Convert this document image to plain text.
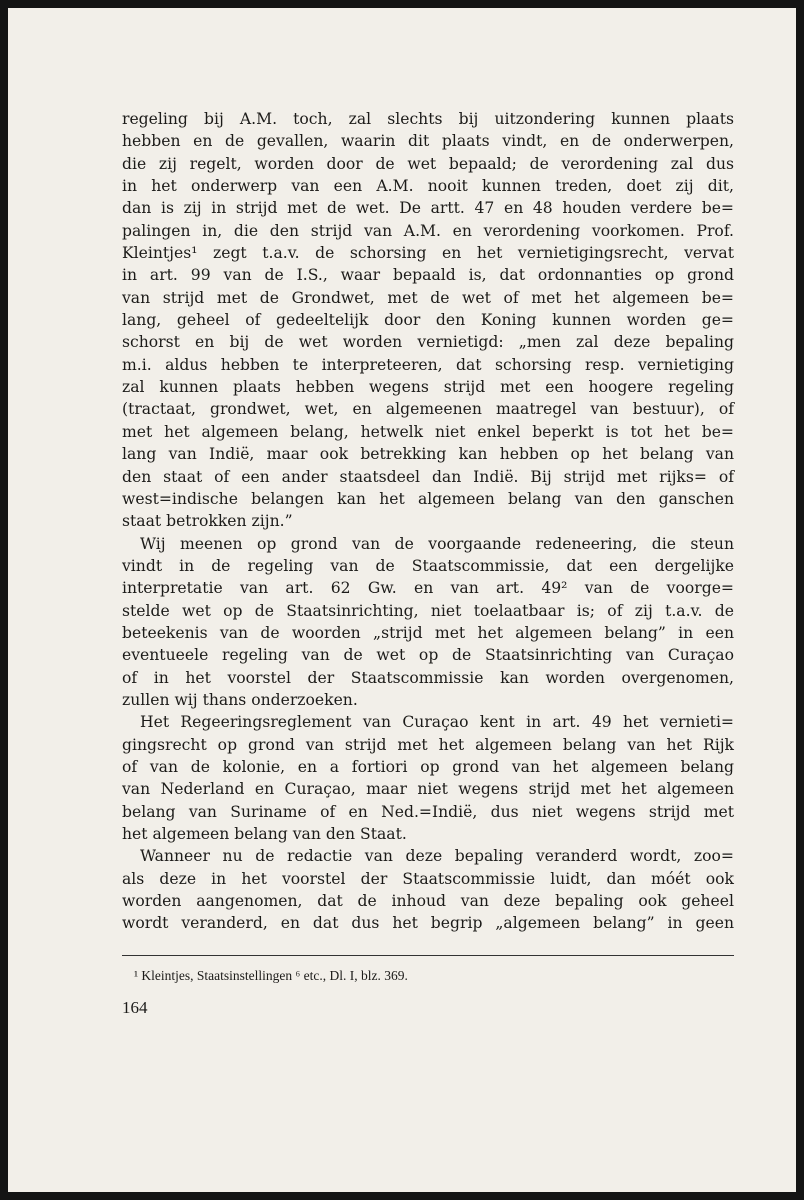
regeling bij A.M. toch, zal slechts bij uitzondering kunnen plaats
hebben en de gevallen, waarin dit plaats vindt, en de onderwerpen,
die zij regelt, worden door de wet bepaald; de verordening zal dus
in het onderwerp van een A.M. nooit kunnen treden, doet zij dit,
dan is zij in strijd met de wet. De artt. 47 en 48 houden verdere be=
palingen in, die den strijd van A.M. en verordening voorkomen. Prof.
Kleintjes¹ zegt t.a.v. de schorsing en het vernietigingsrecht, vervat
in art. 99 van de I.S., waar bepaald is, dat ordonnanties op grond
van strijd met de Grondwet, met de wet of met het algemeen be=
lang, geheel of gedeeltelijk door den Koning kunnen worden ge=
schorst en bij de wet worden vernietigd: „men zal deze bepaling
m.i. aldus hebben te interpreteeren, dat schorsing resp. vernietiging
zal kunnen plaats hebben wegens strijd met een hoogere regeling
(tractaat, grondwet, wet, en algemeenen maatregel van bestuur), of
met het algemeen belang, hetwelk niet enkel beperkt is tot het be=
lang van Indië, maar ook betrekking kan hebben op het belang van
den staat of een ander staatsdeel dan Indië. Bij strijd met rijks= of
west=indische belangen kan het algemeen belang van den ganschen
staat betrokken zijn.”
Wij meenen op grond van de voorgaande redeneering, die steun
vindt in de regeling van de Staatscommissie, dat een dergelijke
interpretatie van art. 62 Gw. en van art. 49² van de voorge=
stelde wet op de Staatsinrichting, niet toelaatbaar is; of zij t.a.v. de
beteekenis van de woorden „strijd met het algemeen belang” in een
eventueele regeling van de wet op de Staatsinrichting van Curaçao
of in het voorstel der Staatscommissie kan worden overgenomen,
zullen wij thans onderzoeken.
Het Regeeringsreglement van Curaçao kent in art. 49 het vernieti=
gingsrecht op grond van strijd met het algemeen belang van het Rijk
of van de kolonie, en a fortiori op grond van het algemeen belang
van Nederland en Curaçao, maar niet wegens strijd met het algemeen
belang van Suriname of en Ned.=Indië, dus niet wegens strijd met
het algemeen belang van den Staat.
Wanneer nu de redactie van deze bepaling veranderd wordt, zoo=
als deze in het voorstel der Staatscommissie luidt, dan móét ook
worden aangenomen, dat de inhoud van deze bepaling ook geheel
wordt veranderd, en dat dus het begrip „algemeen belang” in geen
¹ Kleintjes, Staatsinstellingen ⁶ etc., Dl. I, blz. 369.
164
